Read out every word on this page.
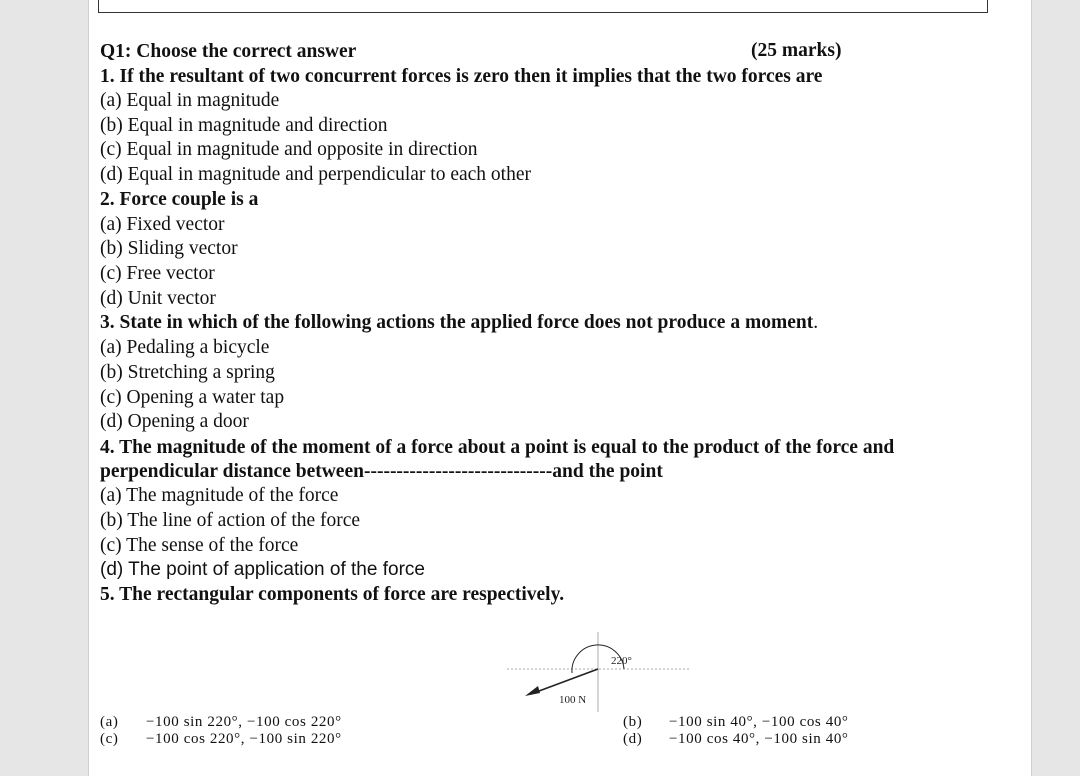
Q1: Choose the correct answer	(25 marks)
1. If the resultant of two concurrent forces is zero then it implies that the two forces are
(a) Equal in magnitude
(b) Equal in magnitude and direction
(c) Equal in magnitude and opposite in direction
(d) Equal in magnitude and perpendicular to each other
2. Force couple is a
(a) Fixed vector
(b) Sliding vector
(c) Free vector
(d) Unit vector
3. State in which of the following actions the applied force does not produce a moment.
(a) Pedaling a bicycle
(b) Stretching a spring
(c) Opening a water tap
(d) Opening a door
4. The magnitude of the moment of a force about a point is equal to the product of the force and
perpendicular distance between-----------------------------and the point
(a) The magnitude of the force
(b) The line of action of the force
(c) The sense of the force
(d) The point of application of the force
5. The rectangular components of force are respectively.
220°
100 N
(a) −100 sin 220°, −100 cos 220°	(b) −100 sin 40°, −100 cos 40°
(c) −100 cos 220°, −100 sin 220°	(d) −100 cos 40°, −100 sin 40°
